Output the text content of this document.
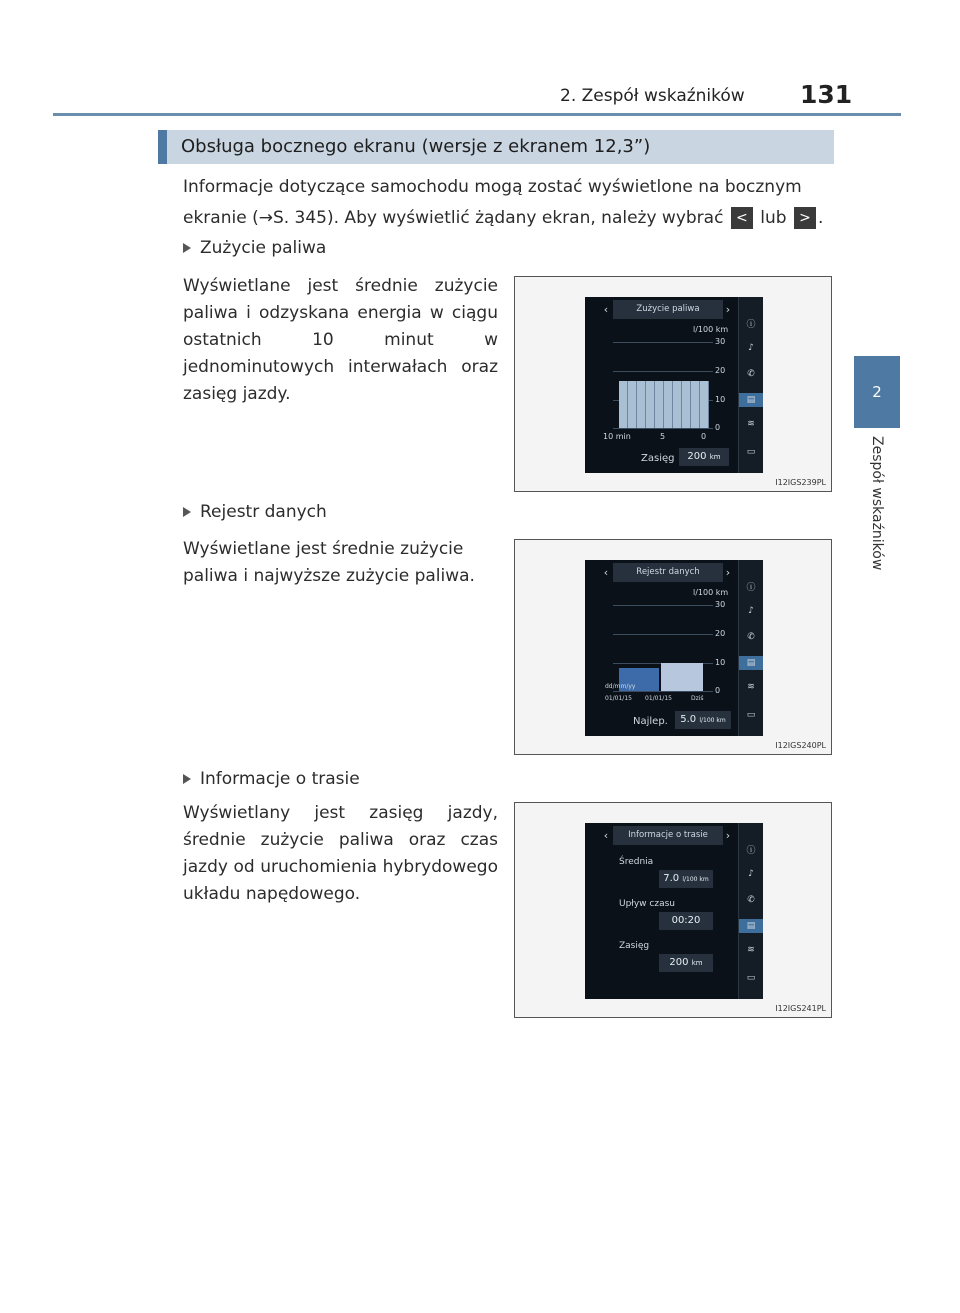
2. Zespół wskaźników 131
2
Zespół wskaźników
Obsługa bocznego ekranu (wersje z ekranem 12,3”)
Informacje dotyczące samochodu mogą zostać wyświetlone na bocznym
ekranie (→S. 345). Aby wyświetlić żądany ekran, należy wybrać < lub > .
Zużycie paliwa
Wyświetlane jest średnie zużycie paliwa i odzyskana energia w ciągu ostatnich 10 minut w jednominutowych interwałach oraz zasięg jazdy.
‹	Zużycie paliwa	›
l/100 km
30
20
10
0
10 min	5	0
Zasięg	200 km
ⓘ
♪
✆
▤
≋
▭
I12IGS239PL
Rejestr danych
Wyświetlane jest średnie zużycie paliwa i najwyższe zużycie paliwa.	‹	Rejestr danych	›
l/100 km
30
20
10
0
dd/mm/yy
01/01/15 01/01/15	Dziś
Najlep.	5.0 l/100 km
ⓘ
♪
✆
▤
≋
▭
I12IGS240PL
Informacje o trasie
Wyświetlany jest zasięg jazdy, średnie zużycie paliwa oraz czas jazdy od uruchomienia hybrydowego układu napędowego.
‹	Informacje o trasie	›
Średnia
7.0 l/100 km
Upływ czasu
00:20
Zasięg
200 km
ⓘ
♪
✆
▤
≋
▭
I12IGS241PL
